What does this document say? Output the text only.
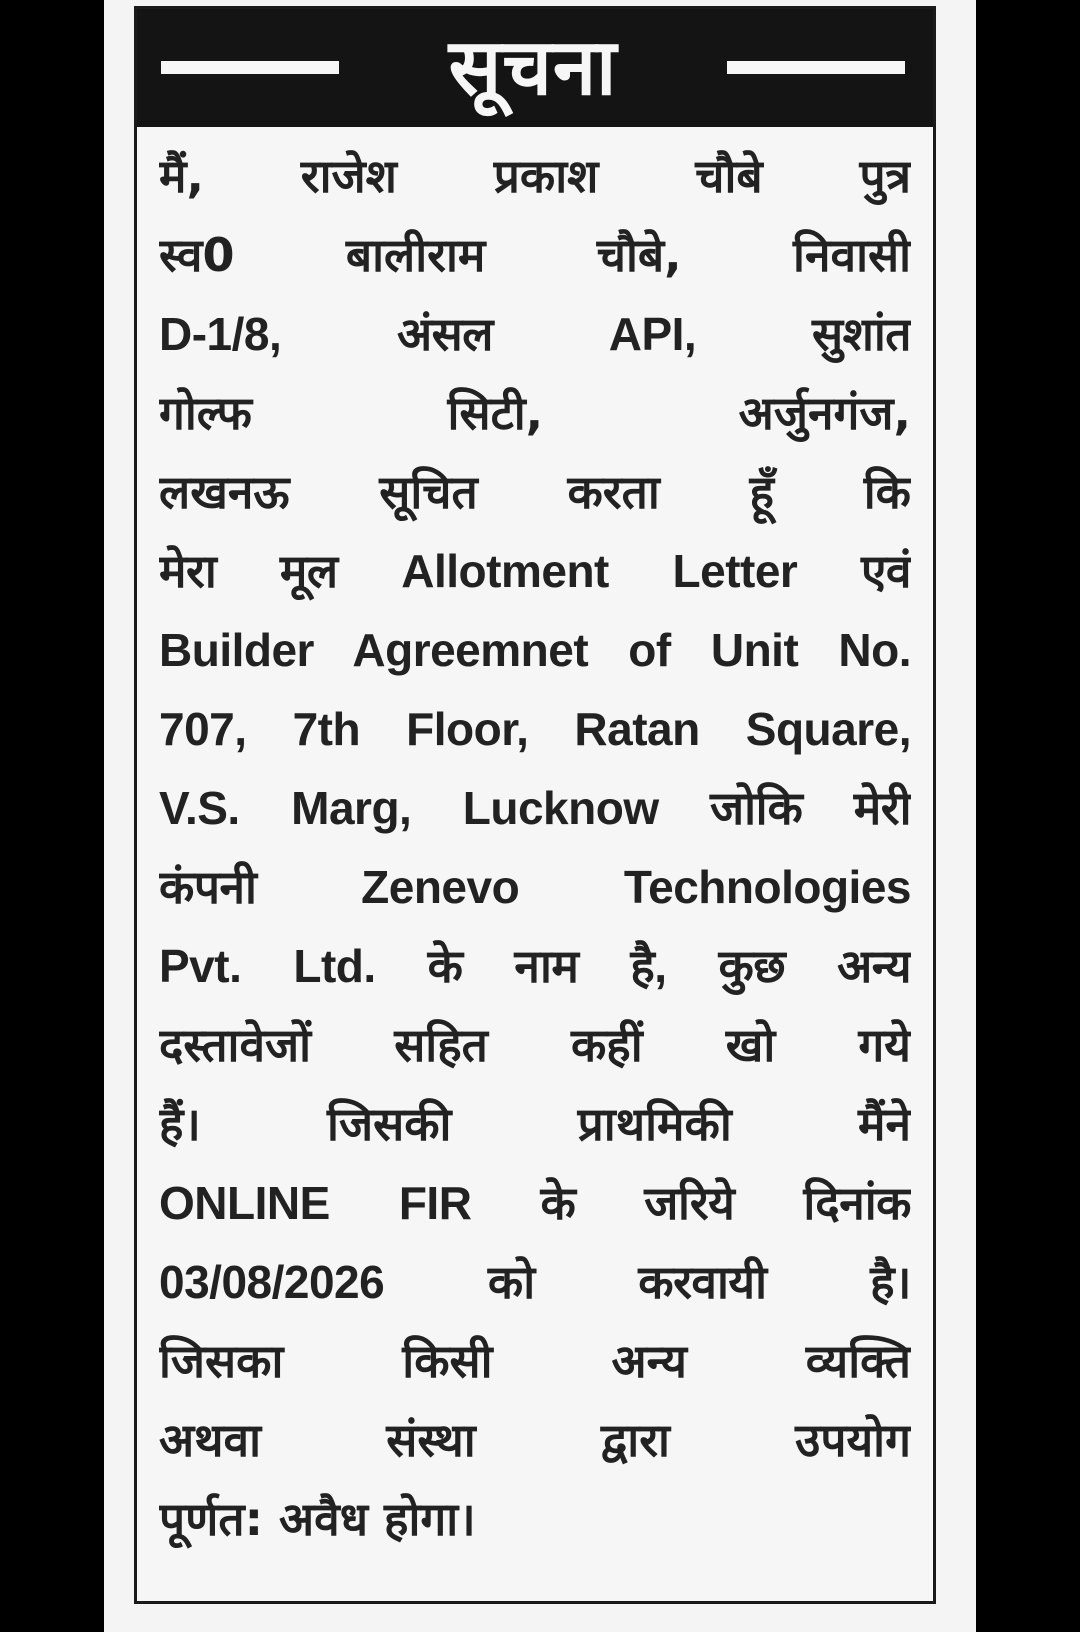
सूचना
मैं, राजेश प्रकाश चौबे पुत्र
स्व0 बालीराम चौबे, निवासी
D-1/8, अंसल API, सुशांत
गोल्फ सिटी, अर्जुनगंज,
लखनऊ सूचित करता हूँ कि
मेरा मूल Allotment Letter एवं
Builder Agreemnet of Unit No.
707, 7th Floor, Ratan Square,
V.S. Marg, Lucknow जोकि मेरी
कंपनी Zenevo Technologies
Pvt. Ltd. के नाम है, कुछ अन्य
दस्तावेजों सहित कहीं खो गये
हैं। जिसकी प्राथमिकी मैंने
ONLINE FIR के जरिये दिनांक
03/08/2026 को करवायी है।
जिसका किसी अन्य व्यक्ति
अथवा संस्था द्वारा उपयोग
पूर्णत: अवैध होगा।
